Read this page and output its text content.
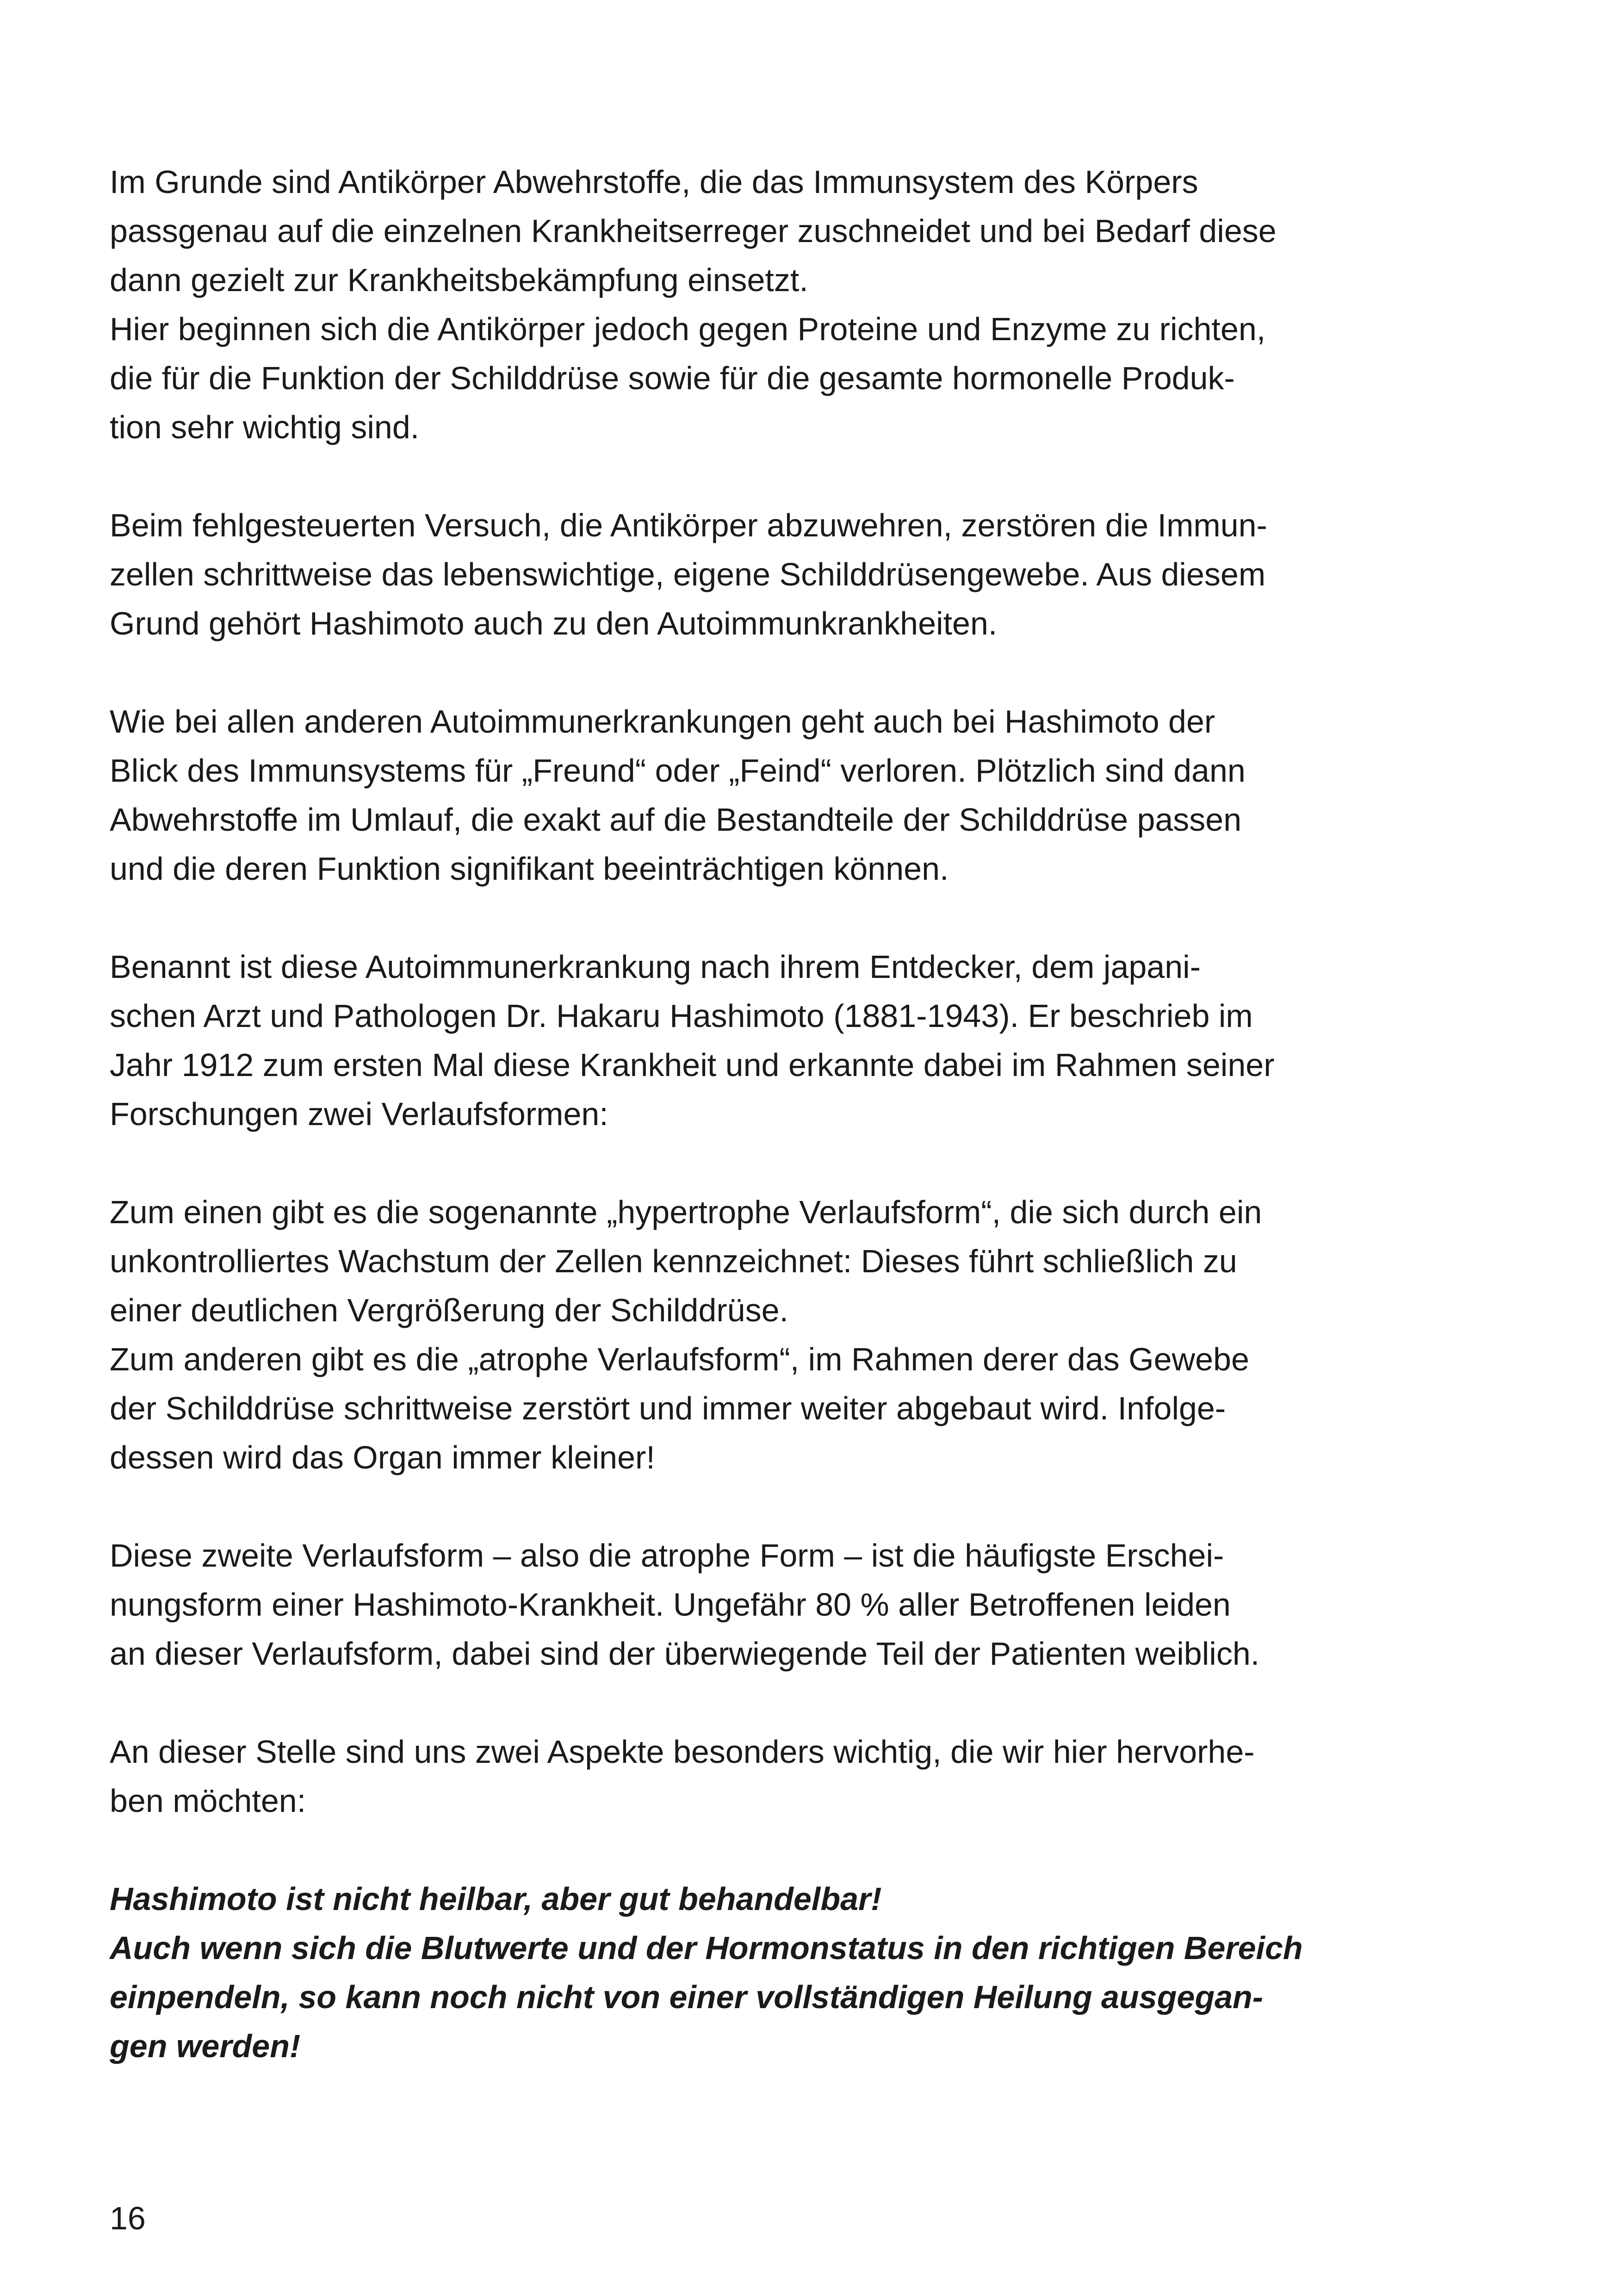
Im Grunde sind Antikörper Abwehrstoffe, die das Immunsystem des Körpers
passgenau auf die einzelnen Krankheitserreger zuschneidet und bei Bedarf diese
dann gezielt zur Krankheitsbekämpfung einsetzt.
Hier beginnen sich die Antikörper jedoch gegen Proteine und Enzyme zu richten,
die für die Funktion der Schilddrüse sowie für die gesamte hormonelle Produk-
tion sehr wichtig sind.

Beim fehlgesteuerten Versuch, die Antikörper abzuwehren, zerstören die Immun-
zellen schrittweise das lebenswichtige, eigene Schilddrüsengewebe. Aus diesem
Grund gehört Hashimoto auch zu den Autoimmunkrankheiten.

Wie bei allen anderen Autoimmunerkrankungen geht auch bei Hashimoto der
Blick des Immunsystems für „Freund“ oder „Feind“ verloren. Plötzlich sind dann
Abwehrstoffe im Umlauf, die exakt auf die Bestandteile der Schilddrüse passen
und die deren Funktion signifikant beeinträchtigen können.

Benannt ist diese Autoimmunerkrankung nach ihrem Entdecker, dem japani-
schen Arzt und Pathologen Dr. Hakaru Hashimoto (1881-1943). Er beschrieb im
Jahr 1912 zum ersten Mal diese Krankheit und erkannte dabei im Rahmen seiner
Forschungen zwei Verlaufsformen:

Zum einen gibt es die sogenannte „hypertrophe Verlaufsform“, die sich durch ein
unkontrolliertes Wachstum der Zellen kennzeichnet: Dieses führt schließlich zu
einer deutlichen Vergrößerung der Schilddrüse.
Zum anderen gibt es die „atrophe Verlaufsform“, im Rahmen derer das Gewebe
der Schilddrüse schrittweise zerstört und immer weiter abgebaut wird. Infolge-
dessen wird das Organ immer kleiner!

Diese zweite Verlaufsform – also die atrophe Form – ist die häufigste Erschei-
nungsform einer Hashimoto-Krankheit. Ungefähr 80 % aller Betroffenen leiden
an dieser Verlaufsform, dabei sind der überwiegende Teil der Patienten weiblich.

An dieser Stelle sind uns zwei Aspekte besonders wichtig, die wir hier hervorhe-
ben möchten:

Hashimoto ist nicht heilbar, aber gut behandelbar!
Auch wenn sich die Blutwerte und der Hormonstatus in den richtigen Bereich
einpendeln, so kann noch nicht von einer vollständigen Heilung ausgegan-
gen werden!

16
